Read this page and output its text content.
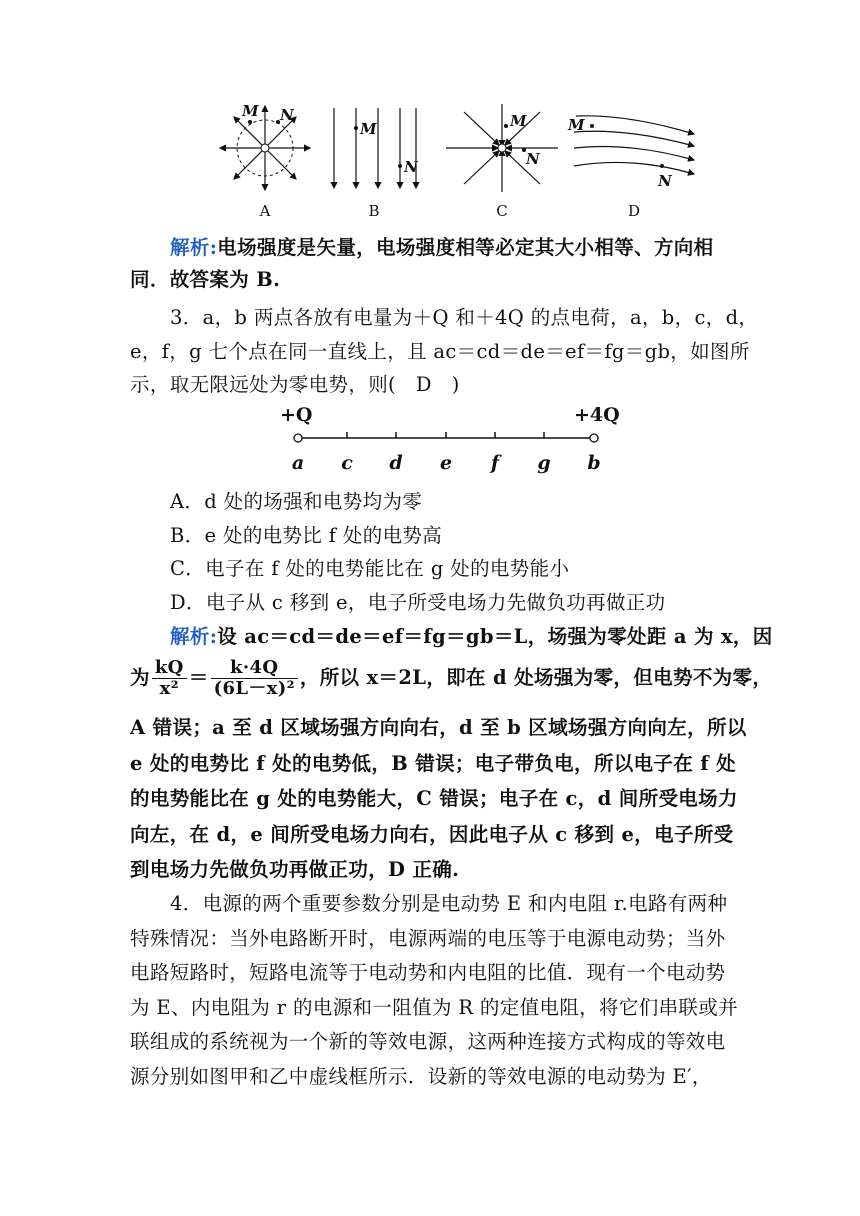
M N
A
M
N
B
M
N
C
M
N
D
解析:电场强度是矢量，电场强度相等必定其大小相等、方向相
同．故答案为 B.
3．a，b 两点各放有电量为＋Q 和＋4Q 的点电荷，a，b，c，d，
e，f，g 七个点在同一直线上，且 ac＝cd＝de＝ef＝fg＝gb，如图所
示，取无限远处为零电势，则(　D　)
+Q	+4Q
a c d e f g b
A．d 处的场强和电势均为零
B．e 处的电势比 f 处的电势高
C．电子在 f 处的电势能比在 g 处的电势能小
D．电子从 c 移到 e，电子所受电场力先做负功再做正功
解析:设 ac＝cd＝de＝ef＝fg＝gb＝L，场强为零处距 a 为 x，因
为 $\frac{kQ}{\text{x²}} = \frac{k\cdot 4Q}{\text{(6L－x)²}}$ ，所以 x＝2L，即在 d 处场强为零，但电势不为零，
A 错误；a 至 d 区域场强方向向右，d 至 b 区域场强方向向左，所以
e 处的电势比 f 处的电势低，B 错误；电子带负电，所以电子在 f 处
的电势能比在 g 处的电势能大，C 错误；电子在 c，d 间所受电场力
向左，在 d，e 间所受电场力向右，因此电子从 c 移到 e，电子所受
到电场力先做负功再做正功，D 正确.
4．电源的两个重要参数分别是电动势 E 和内电阻 r.电路有两种
特殊情况：当外电路断开时，电源两端的电压等于电源电动势；当外
电路短路时，短路电流等于电动势和内电阻的比值．现有一个电动势
为 E、内电阻为 r 的电源和一阻值为 R 的定值电阻，将它们串联或并
联组成的系统视为一个新的等效电源，这两种连接方式构成的等效电
源分别如图甲和乙中虚线框所示．设新的等效电源的电动势为 E′，
